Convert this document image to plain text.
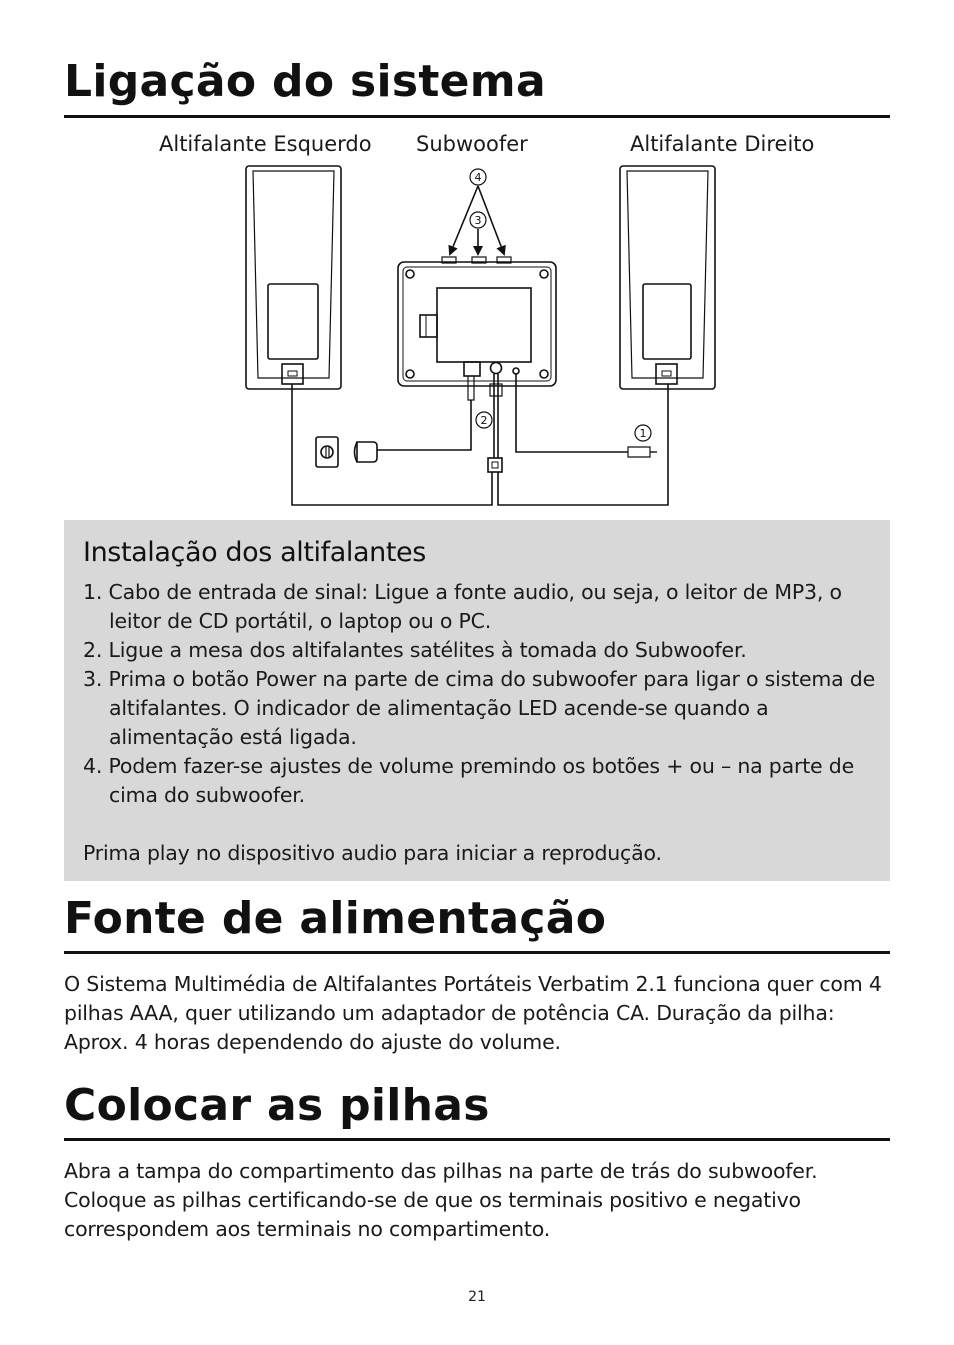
Ligação do sistema
Altifalante Esquerdo Subwoofer	Altifalante Direito
4
3
2
1
Instalação dos altifalantes
1. Cabo de entrada de sinal: Ligue a fonte audio, ou seja, o leitor de MP3, o leitor de CD portátil, o laptop ou o PC.
2. Ligue a mesa dos altifalantes satélites à tomada do Subwoofer.
3. Prima o botão Power na parte de cima do subwoofer para ligar o sistema de altifalantes. O indicador de alimentação LED acende-se quando a alimentação está ligada.
4. Podem fazer-se ajustes de volume premindo os botões + ou – na parte de cima do subwoofer.

Prima play no dispositivo audio para iniciar a reprodução.

Fonte de alimentação

O Sistema Multimédia de Altifalantes Portáteis Verbatim 2.1 funciona quer com 4 pilhas AAA, quer utilizando um adaptador de potência CA. Duração da pilha: Aprox. 4 horas dependendo do ajuste do volume.

Colocar as pilhas

Abra a tampa do compartimento das pilhas na parte de trás do subwoofer. Coloque as pilhas certificando-se de que os terminais positivo e negativo correspondem aos terminais no compartimento.

21
